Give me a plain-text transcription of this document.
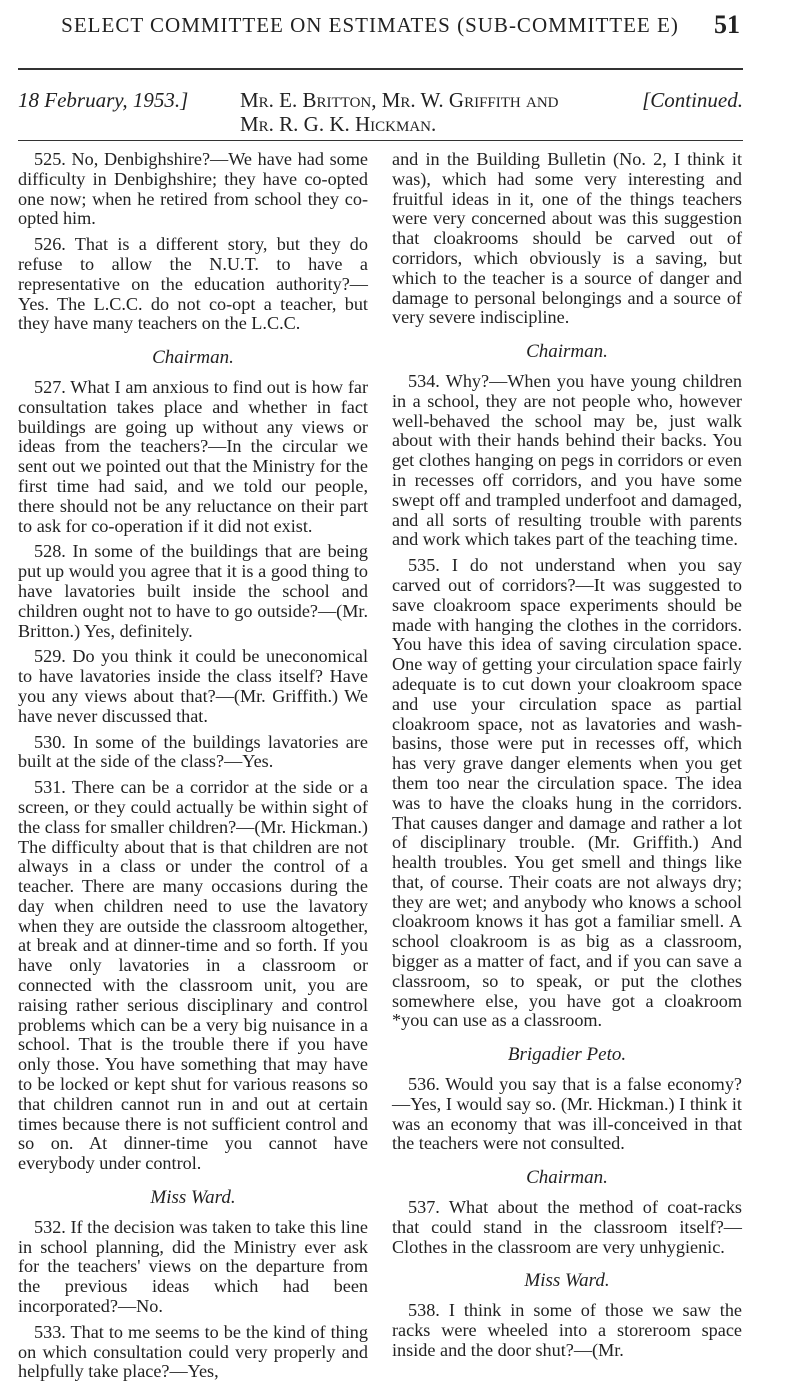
SELECT COMMITTEE ON ESTIMATES (SUB-COMMITTEE E)	51
18 February, 1953.] Mr. E. Britton, Mr. W. Griffith and
Mr. R. G. K. Hickman.
[Continued.

525. No, Denbighshire?—We have had some difficulty in Denbighshire; they have co-opted one now; when he retired from school they co-opted him.

526. That is a different story, but they do refuse to allow the N.U.T. to have a representative on the education authority?—Yes. The L.C.C. do not co-opt a teacher, but they have many teachers on the L.C.C.

Chairman.

527. What I am anxious to find out is how far consultation takes place and whether in fact buildings are going up without any views or ideas from the teachers?—In the circular we sent out we pointed out that the Ministry for the first time had said, and we told our people, there should not be any reluctance on their part to ask for co-operation if it did not exist.

528. In some of the buildings that are being put up would you agree that it is a good thing to have lavatories built inside the school and children ought not to have to go outside?—(Mr. Britton.) Yes, definitely.

529. Do you think it could be uneconomical to have lavatories inside the class itself? Have you any views about that?—(Mr. Griffith.) We have never discussed that.

530. In some of the buildings lavatories are built at the side of the class?—Yes.

531. There can be a corridor at the side or a screen, or they could actually be within sight of the class for smaller children?—(Mr. Hickman.) The difficulty about that is that children are not always in a class or under the control of a teacher. There are many occasions during the day when children need to use the lavatory when they are outside the classroom altogether, at break and at dinner-time and so forth. If you have only lavatories in a classroom or connected with the classroom unit, you are raising rather serious disciplinary and control problems which can be a very big nuisance in a school. That is the trouble there if you have only those. You have something that may have to be locked or kept shut for various reasons so that children cannot run in and out at certain times because there is not sufficient control and so on. At dinner-time you cannot have everybody under control.

Miss Ward.

532. If the decision was taken to take this line in school planning, did the Ministry ever ask for the teachers' views on the departure from the previous ideas which had been incorporated?—No.

533. That to me seems to be the kind of thing on which consultation could very properly and helpfully take place?—Yes,

and in the Building Bulletin (No. 2, I think it was), which had some very interesting and fruitful ideas in it, one of the things teachers were very concerned about was this suggestion that cloakrooms should be carved out of corridors, which obviously is a saving, but which to the teacher is a source of danger and damage to personal belongings and a source of very severe indiscipline.

Chairman.

534. Why?—When you have young children in a school, they are not people who, however well-behaved the school may be, just walk about with their hands behind their backs. You get clothes hanging on pegs in corridors or even in recesses off corridors, and you have some swept off and trampled underfoot and damaged, and all sorts of resulting trouble with parents and work which takes part of the teaching time.

535. I do not understand when you say carved out of corridors?—It was suggested to save cloakroom space experiments should be made with hanging the clothes in the corridors. You have this idea of saving circulation space. One way of getting your circulation space fairly adequate is to cut down your cloakroom space and use your circulation space as partial cloakroom space, not as lavatories and wash-basins, those were put in recesses off, which has very grave danger elements when you get them too near the circulation space. The idea was to have the cloaks hung in the corridors. That causes danger and damage and rather a lot of disciplinary trouble. (Mr. Griffith.) And health troubles. You get smell and things like that, of course. Their coats are not always dry; they are wet; and anybody who knows a school cloakroom knows it has got a familiar smell. A school cloakroom is as big as a classroom, bigger as a matter of fact, and if you can save a classroom, so to speak, or put the clothes somewhere else, you have got a cloakroom *you can use as a classroom.

Brigadier Peto.

536. Would you say that is a false economy?—Yes, I would say so. (Mr. Hickman.) I think it was an economy that was ill-conceived in that the teachers were not consulted.

Chairman.

537. What about the method of coat-racks that could stand in the classroom itself?—Clothes in the classroom are very unhygienic.

Miss Ward.

538. I think in some of those we saw the racks were wheeled into a storeroom space inside and the door shut?—(Mr.
